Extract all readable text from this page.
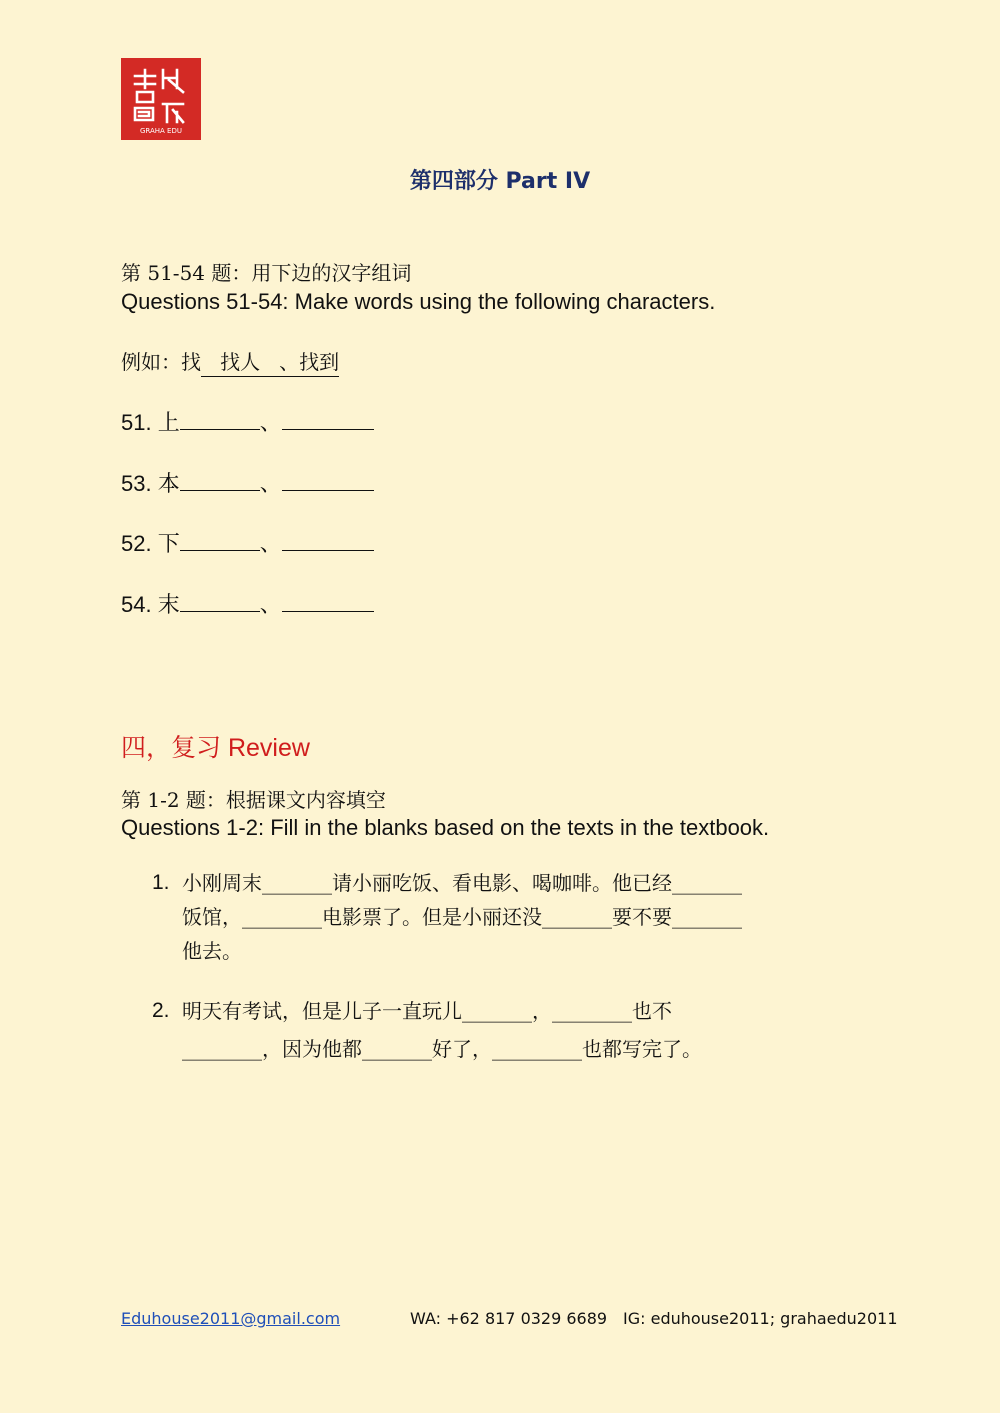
GRAHA EDU
第四部分 Part IV
第 51-54 题：用下边的汉字组词
Questions 51-54: Make words using the following characters.
例如：找   找人   、找到
51. 上	、
53. 本	、
52. 下	、
54. 末	、
四，复习 Review
第 1-2 题：根据课文内容填空
Questions 1-2: Fill in the blanks based on the texts in the textbook.
1. 小刚周末_______请小丽吃饭、看电影、喝咖啡。他已经_______
饭馆，________电影票了。但是小丽还没_______要不要_______
他去。
2. 明天有考试，但是儿子一直玩儿_______，________也不
________，因为他都_______好了，_________也都写完了。
Eduhouse2011@gmail.com	WA: +62 817 0329 6689 IG: eduhouse2011; grahaedu2011
